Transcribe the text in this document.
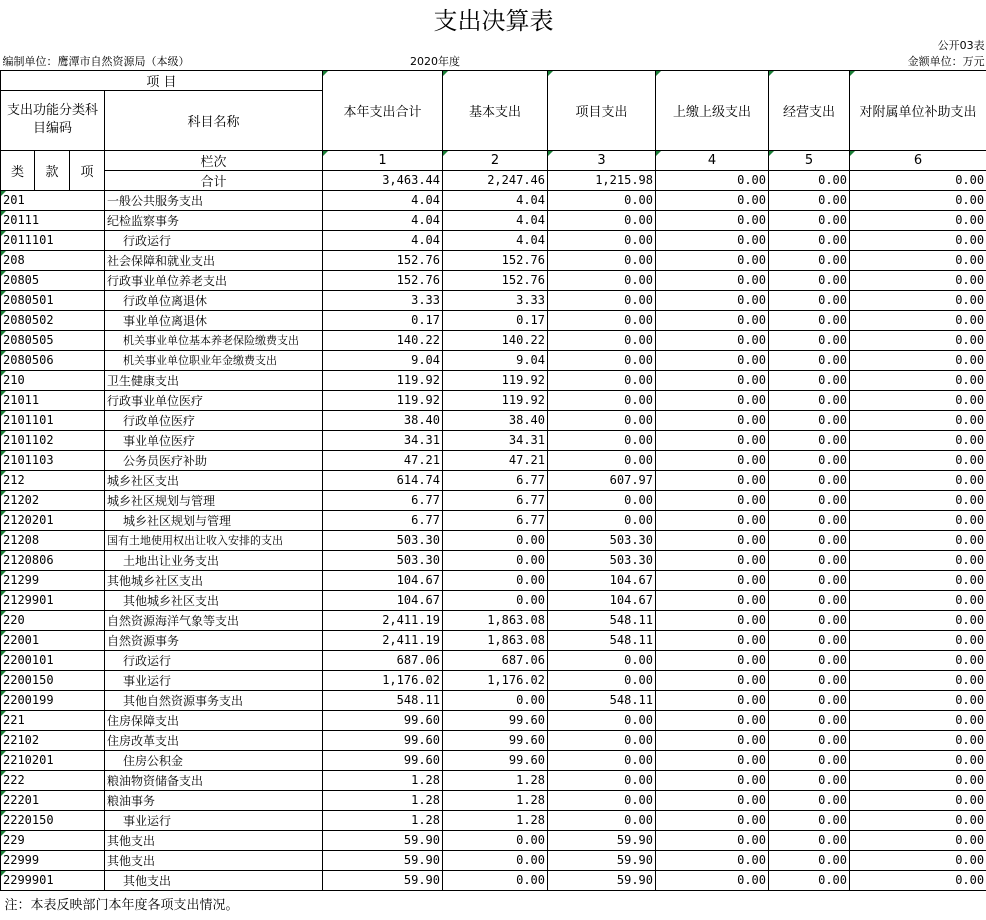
支出决算表									
公开03表									
编制单位：鹰潭市自然资源局（本级）				2020年度		金额单位：万元			
项 目				本年支出合计	基本支出	项目支出	上缴上级支出	经营支出	对附属单位补助支出
支出功能分类科目编码			科目名称						

类	款	项	栏次	1	2	3	4	5	6
			合计	3,463.44	2,247.46	1,215.98	0.00	0.00	0.00
201			一般公共服务支出	4.04	4.04	0.00	0.00	0.00	0.00
20111			纪检监察事务	4.04	4.04	0.00	0.00	0.00	0.00
2011101			行政运行	4.04	4.04	0.00	0.00	0.00	0.00
208			社会保障和就业支出	152.76	152.76	0.00	0.00	0.00	0.00
20805			行政事业单位养老支出	152.76	152.76	0.00	0.00	0.00	0.00
2080501			行政单位离退休	3.33	3.33	0.00	0.00	0.00	0.00
2080502			事业单位离退休	0.17	0.17	0.00	0.00	0.00	0.00
2080505			机关事业单位基本养老保险缴费支出	140.22	140.22	0.00	0.00	0.00	0.00
2080506			机关事业单位职业年金缴费支出	9.04	9.04	0.00	0.00	0.00	0.00
210			卫生健康支出	119.92	119.92	0.00	0.00	0.00	0.00
21011			行政事业单位医疗	119.92	119.92	0.00	0.00	0.00	0.00
2101101			行政单位医疗	38.40	38.40	0.00	0.00	0.00	0.00
2101102			事业单位医疗	34.31	34.31	0.00	0.00	0.00	0.00
2101103			公务员医疗补助	47.21	47.21	0.00	0.00	0.00	0.00
212			城乡社区支出	614.74	6.77	607.97	0.00	0.00	0.00
21202			城乡社区规划与管理	6.77	6.77	0.00	0.00	0.00	0.00
2120201			城乡社区规划与管理	6.77	6.77	0.00	0.00	0.00	0.00
21208			国有土地使用权出让收入安排的支出	503.30	0.00	503.30	0.00	0.00	0.00
2120806			土地出让业务支出	503.30	0.00	503.30	0.00	0.00	0.00
21299			其他城乡社区支出	104.67	0.00	104.67	0.00	0.00	0.00
2129901			其他城乡社区支出	104.67	0.00	104.67	0.00	0.00	0.00
220			自然资源海洋气象等支出	2,411.19	1,863.08	548.11	0.00	0.00	0.00
22001			自然资源事务	2,411.19	1,863.08	548.11	0.00	0.00	0.00
2200101			行政运行	687.06	687.06	0.00	0.00	0.00	0.00
2200150			事业运行	1,176.02	1,176.02	0.00	0.00	0.00	0.00
2200199			其他自然资源事务支出	548.11	0.00	548.11	0.00	0.00	0.00
221			住房保障支出	99.60	99.60	0.00	0.00	0.00	0.00
22102			住房改革支出	99.60	99.60	0.00	0.00	0.00	0.00
2210201			住房公积金	99.60	99.60	0.00	0.00	0.00	0.00
222			粮油物资储备支出	1.28	1.28	0.00	0.00	0.00	0.00
22201			粮油事务	1.28	1.28	0.00	0.00	0.00	0.00
2220150			事业运行	1.28	1.28	0.00	0.00	0.00	0.00
229			其他支出	59.90	0.00	59.90	0.00	0.00	0.00
22999			其他支出	59.90	0.00	59.90	0.00	0.00	0.00
2299901			其他支出	59.90	0.00	59.90	0.00	0.00	0.00
注：本表反映部门本年度各项支出情况。									
